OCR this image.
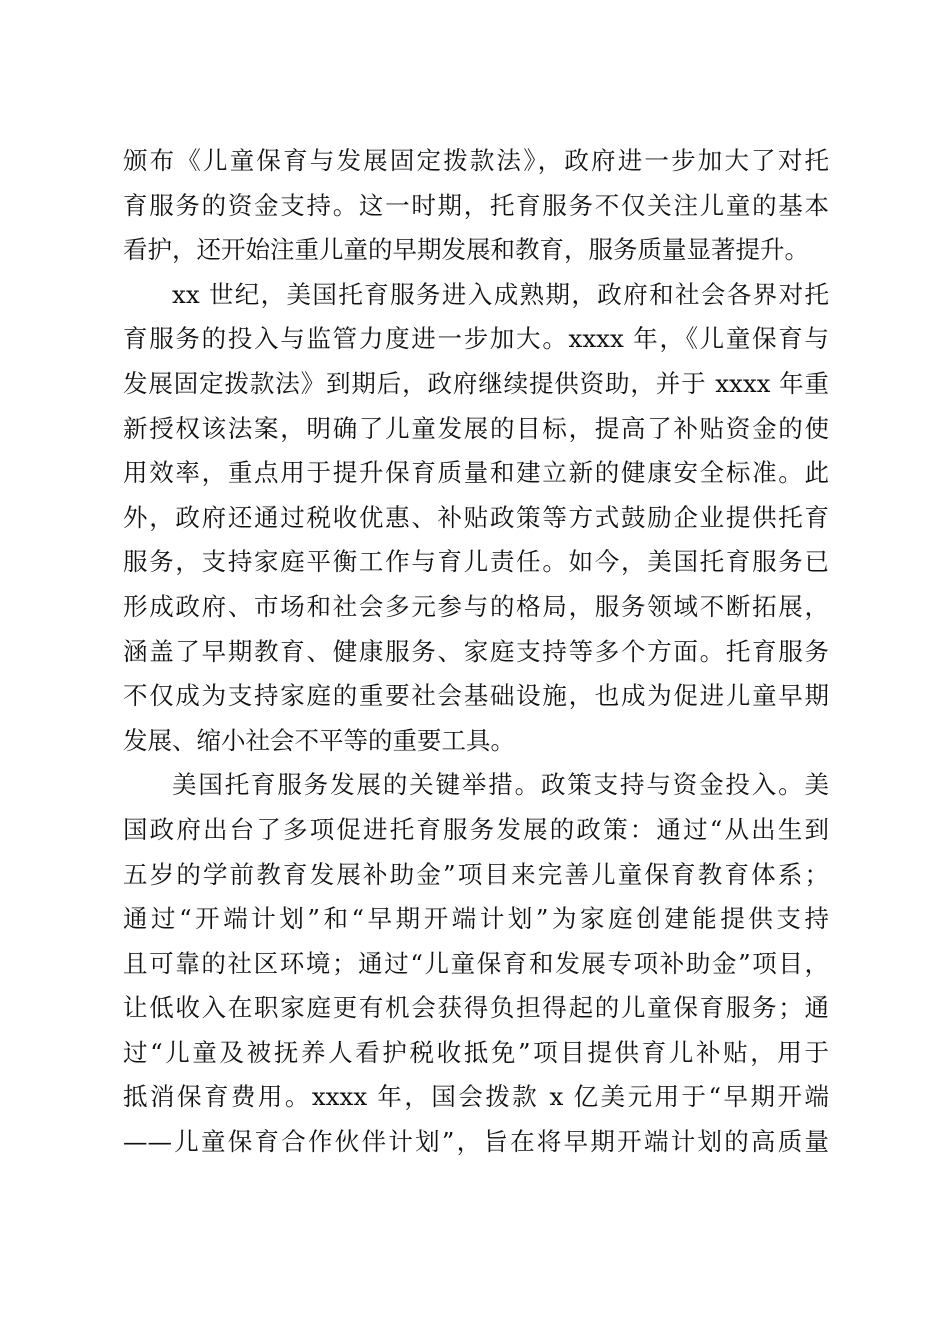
颁布《儿童保育与发展固定拨款法》，政府进一步加大了对托
育服务的资金支持。这一时期，托育服务不仅关注儿童的基本
看护，还开始注重儿童的早期发展和教育，服务质量显著提升。

xx 世纪，美国托育服务进入成熟期，政府和社会各界对托
育服务的投入与监管力度进一步加大。xxxx 年，《儿童保育与
发展固定拨款法》到期后，政府继续提供资助，并于 xxxx 年重
新授权该法案，明确了儿童发展的目标，提高了补贴资金的使
用效率，重点用于提升保育质量和建立新的健康安全标准。此
外，政府还通过税收优惠、补贴政策等方式鼓励企业提供托育
服务，支持家庭平衡工作与育儿责任。如今，美国托育服务已
形成政府、市场和社会多元参与的格局，服务领域不断拓展，
涵盖了早期教育、健康服务、家庭支持等多个方面。托育服务
不仅成为支持家庭的重要社会基础设施，也成为促进儿童早期
发展、缩小社会不平等的重要工具。

美国托育服务发展的关键举措。政策支持与资金投入。美
国政府出台了多项促进托育服务发展的政策：通过“从出生到
五岁的学前教育发展补助金”项目来完善儿童保育教育体系；
通过“开端计划”和“早期开端计划”为家庭创建能提供支持
且可靠的社区环境；通过“儿童保育和发展专项补助金”项目，
让低收入在职家庭更有机会获得负担得起的儿童保育服务；通
过“儿童及被抚养人看护税收抵免”项目提供育儿补贴，用于
抵消保育费用。xxxx 年，国会拨款 x 亿美元用于“早期开端
——儿童保育合作伙伴计划”，旨在将早期开端计划的高质量
